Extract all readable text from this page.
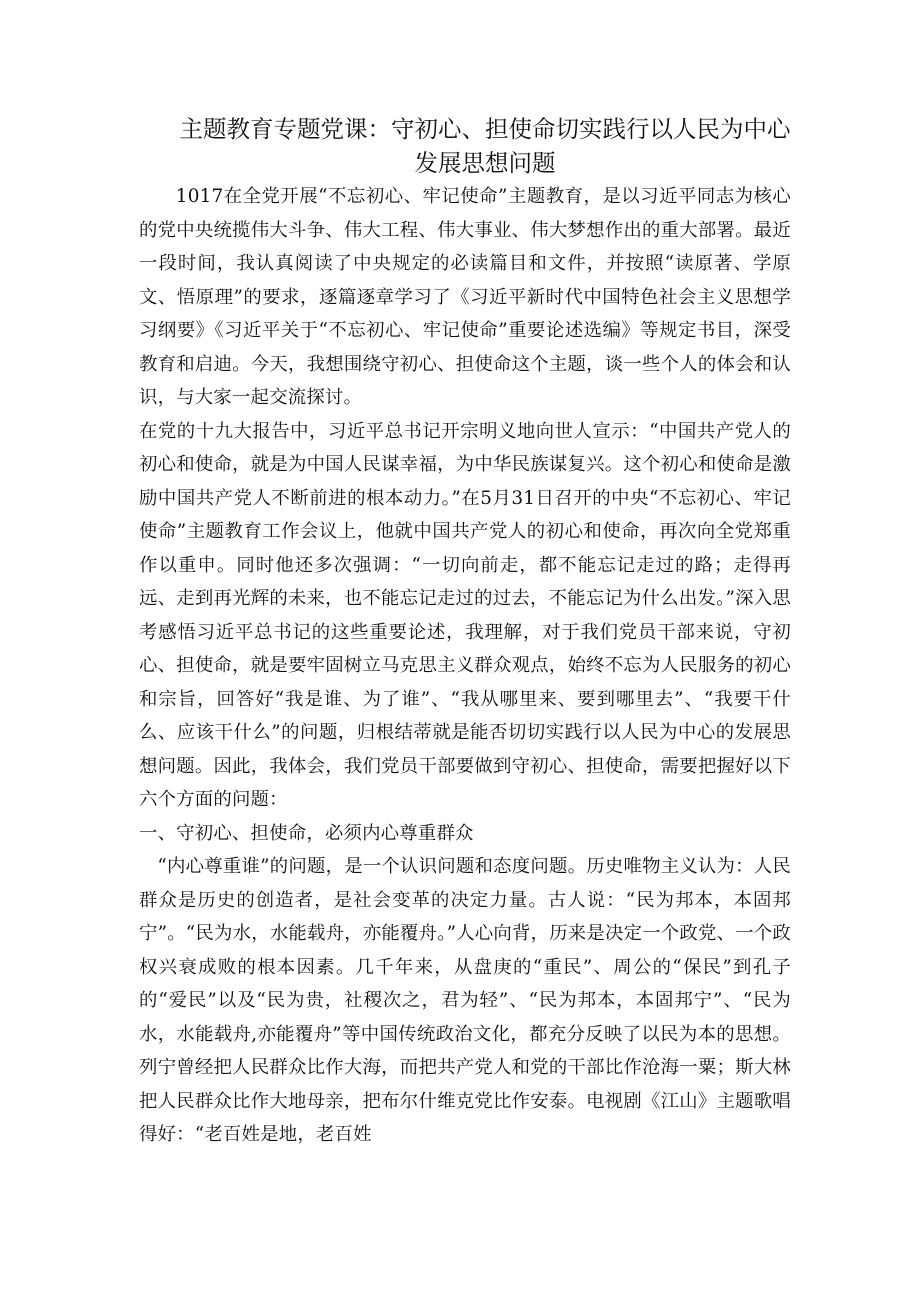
主题教育专题党课：守初心、担使命切实践行以人民为中心
发展思想问题

1017在全党开展“不忘初心、牢记使命”主题教育，是以习近平同志为核心的党中央统揽伟大斗争、伟大工程、伟大事业、伟大梦想作出的重大部署。最近一段时间，我认真阅读了中央规定的必读篇目和文件，并按照“读原著、学原文、悟原理”的要求，逐篇逐章学习了《习近平新时代中国特色社会主义思想学习纲要》《习近平关于“不忘初心、牢记使命”重要论述选编》等规定书目，深受教育和启迪。今天，我想围绕守初心、担使命这个主题，谈一些个人的体会和认识，与大家一起交流探讨。

在党的十九大报告中，习近平总书记开宗明义地向世人宣示：“中国共产党人的初心和使命，就是为中国人民谋幸福，为中华民族谋复兴。这个初心和使命是激励中国共产党人不断前进的根本动力。”在5月31日召开的中央“不忘初心、牢记使命”主题教育工作会议上，他就中国共产党人的初心和使命，再次向全党郑重作以重申。同时他还多次强调：“一切向前走，都不能忘记走过的路；走得再远、走到再光辉的未来，也不能忘记走过的过去，不能忘记为什么出发。”深入思考感悟习近平总书记的这些重要论述，我理解，对于我们党员干部来说，守初心、担使命，就是要牢固树立马克思主义群众观点，始终不忘为人民服务的初心和宗旨，回答好“我是谁、为了谁”、“我从哪里来、要到哪里去”、“我要干什么、应该干什么”的问题，归根结蒂就是能否切切实践行以人民为中心的发展思想问题。因此，我体会，我们党员干部要做到守初心、担使命，需要把握好以下六个方面的问题：

一、守初心、担使命，必须内心尊重群众

“内心尊重谁”的问题，是一个认识问题和态度问题。历史唯物主义认为：人民群众是历史的创造者，是社会变革的决定力量。古人说：“民为邦本，本固邦宁”。“民为水，水能载舟，亦能覆舟。”人心向背，历来是决定一个政党、一个政权兴衰成败的根本因素。几千年来，从盘庚的“重民”、周公的“保民”到孔子的“爱民”以及“民为贵，社稷次之，君为轻”、“民为邦本，本固邦宁”、“民为水，水能载舟,亦能覆舟”等中国传统政治文化，都充分反映了以民为本的思想。列宁曾经把人民群众比作大海，而把共产党人和党的干部比作沧海一粟；斯大林把人民群众比作大地母亲，把布尔什维克党比作安泰。电视剧《江山》主题歌唱得好：“老百姓是地，老百姓
